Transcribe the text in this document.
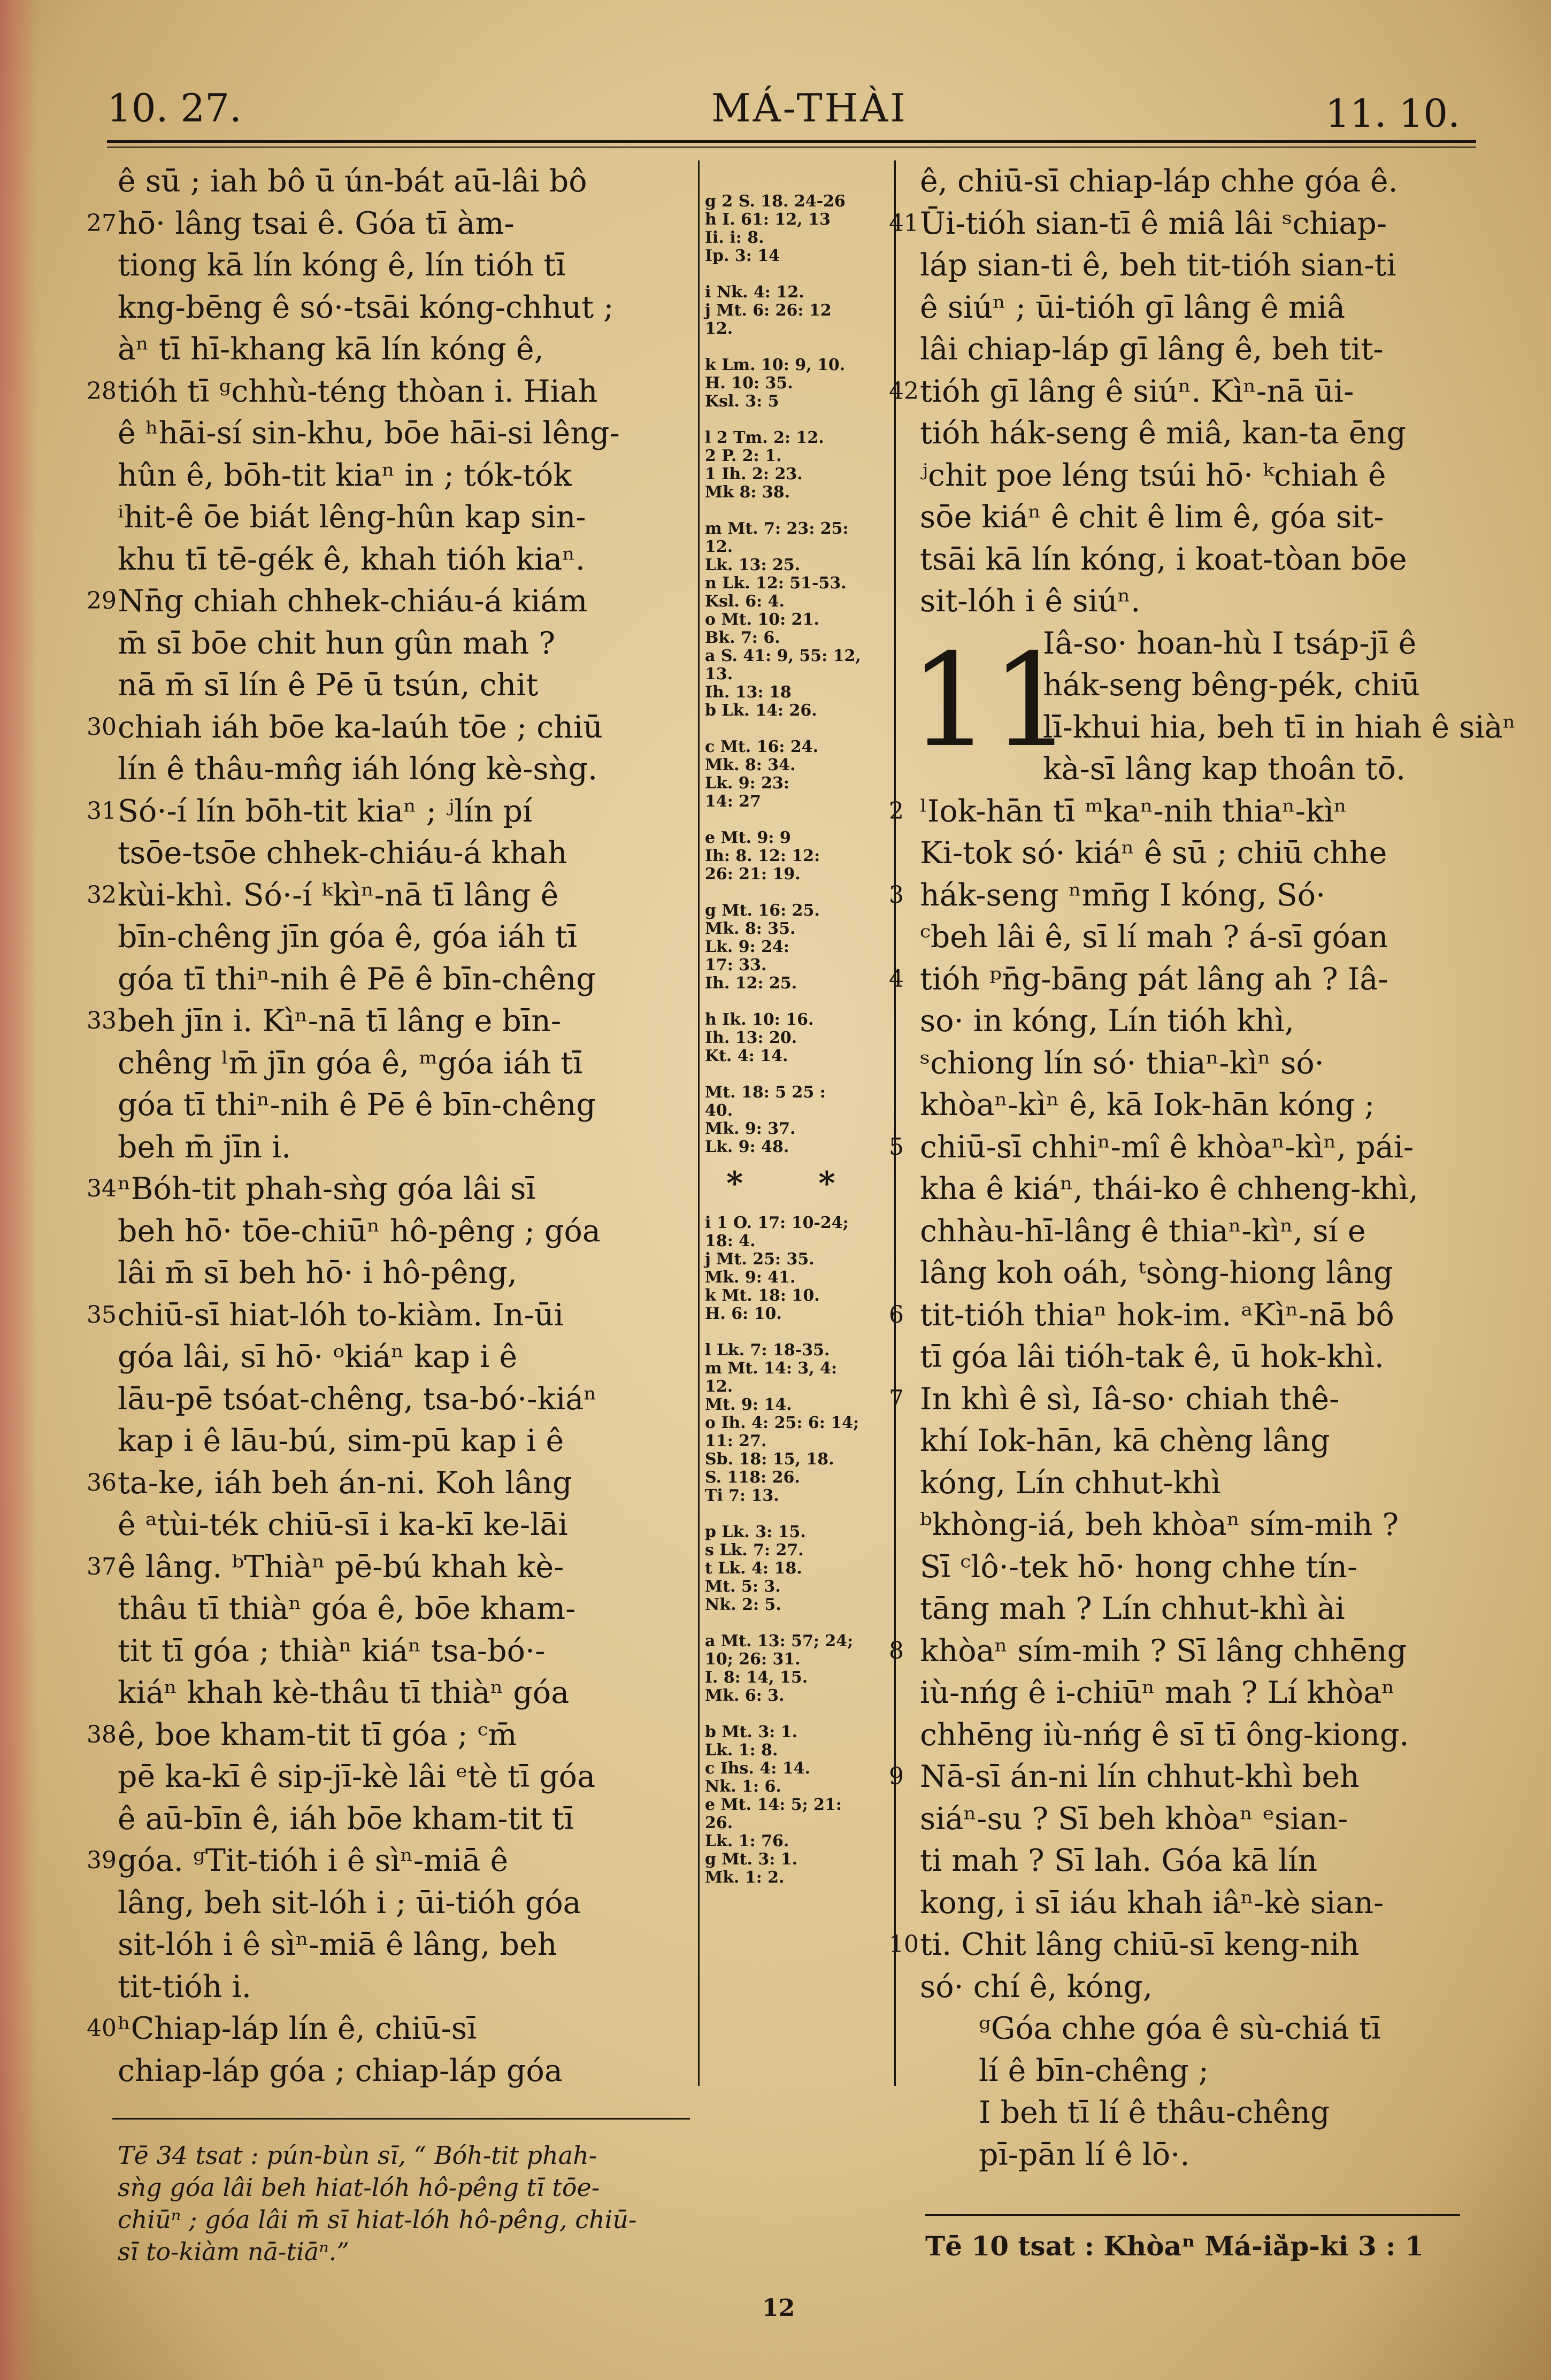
10. 27.	MÁ-THÀI	11. 10.
ê sū ; iah bô ū ún-bát aū-lâi bô
27hō· lâng tsai ê. Góa tī àm-
tiong kā lín kóng ê, lín tióh tī
kng-bēng ê só·-tsāi kóng-chhut ;
àⁿ tī hī-khang kā lín kóng ê,
28tióh tī ᵍchhù-téng thòan i. Hiah
ê ʰhāi-sí sin-khu, bōe hāi-si lêng-
hûn ê, bōh-tit kiaⁿ in ; tók-tók
ⁱhit-ê ōe biát lêng-hûn kap sin-
khu tī tē-gék ê, khah tióh kiaⁿ.
29Nn̄g chiah chhek-chiáu-á kiám
m̄ sī bōe chit hun gûn mah ?
nā m̄ sī lín ê Pē ū tsún, chit
30chiah iáh bōe ka-laúh tōe ; chiū
lín ê thâu-mn̂g iáh lóng kè-sǹg.
31Só·-í lín bōh-tit kiaⁿ ; ʲlín pí
tsōe-tsōe chhek-chiáu-á khah
32kùi-khì. Só·-í ᵏkìⁿ-nā tī lâng ê
bīn-chêng jīn góa ê, góa iáh tī
góa tī thiⁿ-nih ê Pē ê bīn-chêng
33beh jīn i. Kìⁿ-nā tī lâng e bīn-
chêng ˡm̄ jīn góa ê, ᵐgóa iáh tī
góa tī thiⁿ-nih ê Pē ê bīn-chêng
beh m̄ jīn i.
34ⁿBóh-tit phah-sǹg góa lâi sī
beh hō· tōe-chiūⁿ hô-pêng ; góa
lâi m̄ sī beh hō· i hô-pêng,
35chiū-sī hiat-lóh to-kiàm. In-ūi
góa lâi, sī hō· ᵒkiáⁿ kap i ê
lāu-pē tsóat-chêng, tsa-bó·-kiáⁿ
kap i ê lāu-bú, sim-pū kap i ê
36ta-ke, iáh beh án-ni. Koh lâng
ê ᵃtùi-ték chiū-sī i ka-kī ke-lāi
37ê lâng. ᵇThiàⁿ pē-bú khah kè-
thâu tī thiàⁿ góa ê, bōe kham-
tit tī góa ; thiàⁿ kiáⁿ tsa-bó·-
kiáⁿ khah kè-thâu tī thiàⁿ góa
38ê, boe kham-tit tī góa ; ᶜm̄
pē ka-kī ê sip-jī-kè lâi ᵉtè tī góa
ê aū-bīn ê, iáh bōe kham-tit tī
39góa. ᵍTit-tióh i ê sìⁿ-miā ê
lâng, beh sit-lóh i ; ūi-tióh góa
sit-lóh i ê sìⁿ-miā ê lâng, beh
tit-tióh i.
40ʰChiap-láp lín ê, chiū-sī
chiap-láp góa ; chiap-láp góa
g 2 S. 18. 24-26
h I. 61: 12, 13
Ii. i: 8.
Ip. 3: 14
i Nk. 4: 12.
j Mt. 6: 26: 12
12.
k Lm. 10: 9, 10.
H. 10: 35.
Ksl. 3: 5
l 2 Tm. 2: 12.
2 P. 2: 1.
1 Ih. 2: 23.
Mk 8: 38.
m Mt. 7: 23: 25:
12.
Lk. 13: 25.
n Lk. 12: 51-53.
Ksl. 6: 4.
o Mt. 10: 21.
Bk. 7: 6.
a S. 41: 9, 55: 12,
13.
Ih. 13: 18
b Lk. 14: 26.
c Mt. 16: 24.
Mk. 8: 34.
Lk. 9: 23:
14: 27
e Mt. 9: 9
Ih: 8. 12: 12:
26: 21: 19.
g Mt. 16: 25.
Mk. 8: 35.
Lk. 9: 24:
17: 33.
Ih. 12: 25.
h Ik. 10: 16.
Ih. 13: 20.
Kt. 4: 14.
Mt. 18: 5 25 :
40.
Mk. 9: 37.
Lk. 9: 48.
* *
i 1 O. 17: 10-24;
18: 4.
j Mt. 25: 35.
Mk. 9: 41.
k Mt. 18: 10.
H. 6: 10.
l Lk. 7: 18-35.
m Mt. 14: 3, 4:
12.
Mt. 9: 14.
o Ih. 4: 25: 6: 14;
11: 27.
Sb. 18: 15, 18.
S. 118: 26.
Ti 7: 13.
p Lk. 3: 15.
s Lk. 7: 27.
t Lk. 4: 18.
Mt. 5: 3.
Nk. 2: 5.
a Mt. 13: 57; 24;
10; 26: 31.
I. 8: 14, 15.
Mk. 6: 3.
b Mt. 3: 1.
Lk. 1: 8.
c Ihs. 4: 14.
Nk. 1: 6.
e Mt. 14: 5; 21:
26.
Lk. 1: 76.
g Mt. 3: 1.
Mk. 1: 2.
ê, chiū-sī chiap-láp chhe góa ê.
41Ūi-tióh sian-tī ê miâ lâi ˢchiap-
láp sian-ti ê, beh tit-tióh sian-ti
ê siúⁿ ; ūi-tióh gī lâng ê miâ
lâi chiap-láp gī lâng ê, beh tit-
42tióh gī lâng ê siúⁿ. Kìⁿ-nā ūi-
tióh hák-seng ê miâ, kan-ta ēng
ʲchit poe léng tsúi hō· ᵏchiah ê
sōe kiáⁿ ê chit ê lim ê, góa sit-
tsāi kā lín kóng, i koat-tòan bōe
sit-lóh i ê siúⁿ.
Iâ-so· hoan-hù I tsáp-jī ê
hák-seng bêng-pék, chiū
lī-khui hia, beh tī in hiah ê siàⁿ
kà-sī lâng kap thoân tō.
2 ˡIok-hān tī ᵐkaⁿ-nih thiaⁿ-kìⁿ
Ki-tok só· kiáⁿ ê sū ; chiū chhe
3 hák-seng ⁿmn̄g I kóng, Só·
ᶜbeh lâi ê, sī lí mah ? á-sī góan
4 tióh ᵖn̄g-bāng pát lâng ah ? Iâ-
so· in kóng, Lín tióh khì,
ˢchiong lín só· thiaⁿ-kìⁿ só·
khòaⁿ-kìⁿ ê, kā Iok-hān kóng ;
5 chiū-sī chhiⁿ-mî ê khòaⁿ-kìⁿ, pái-
kha ê kiáⁿ, thái-ko ê chheng-khì,
chhàu-hī-lâng ê thiaⁿ-kìⁿ, sí e
lâng koh oáh, ᵗsòng-hiong lâng
6 tit-tióh thiaⁿ hok-im. ᵃKìⁿ-nā bô
tī góa lâi tióh-tak ê, ū hok-khì.
7 In khì ê sì, Iâ-so· chiah thê-
khí Iok-hān, kā chèng lâng
kóng, Lín chhut-khì
ᵇkhòng-iá, beh khòaⁿ sím-mih ?
Sī ᶜlô·-tek hō· hong chhe tín-
tāng mah ? Lín chhut-khì ài
8 khòaⁿ sím-mih ? Sī lâng chhēng
iù-nńg ê i-chiūⁿ mah ? Lí khòaⁿ
chhēng iù-nńg ê sī tī ông-kiong.
9 Nā-sī án-ni lín chhut-khì beh
siáⁿ-su ? Sī beh khòaⁿ ᵉsian-
ti mah ? Sī lah. Góa kā lín
kong, i sī iáu khah iâⁿ-kè sian-
10ti. Chit lâng chiū-sī keng-nih
só· chí ê, kóng,
ᵍGóa chhe góa ê sù-chiá tī
lí ê bīn-chêng ;
I beh tī lí ê thâu-chêng
pī-pān lí ê lō·.
11
Tē 34 tsat : pún-bùn sī, “ Bóh-tit phah-
sǹg góa lâi beh hiat-lóh hô-pêng tī tōe-
chiūⁿ ; góa lâi m̄ sī hiat-lóh hô-pêng, chiū-
sī to-kiàm nā-tiāⁿ.”	Tē 10 tsat : Khòaⁿ Má-ià̍p-ki 3 : 1
12
